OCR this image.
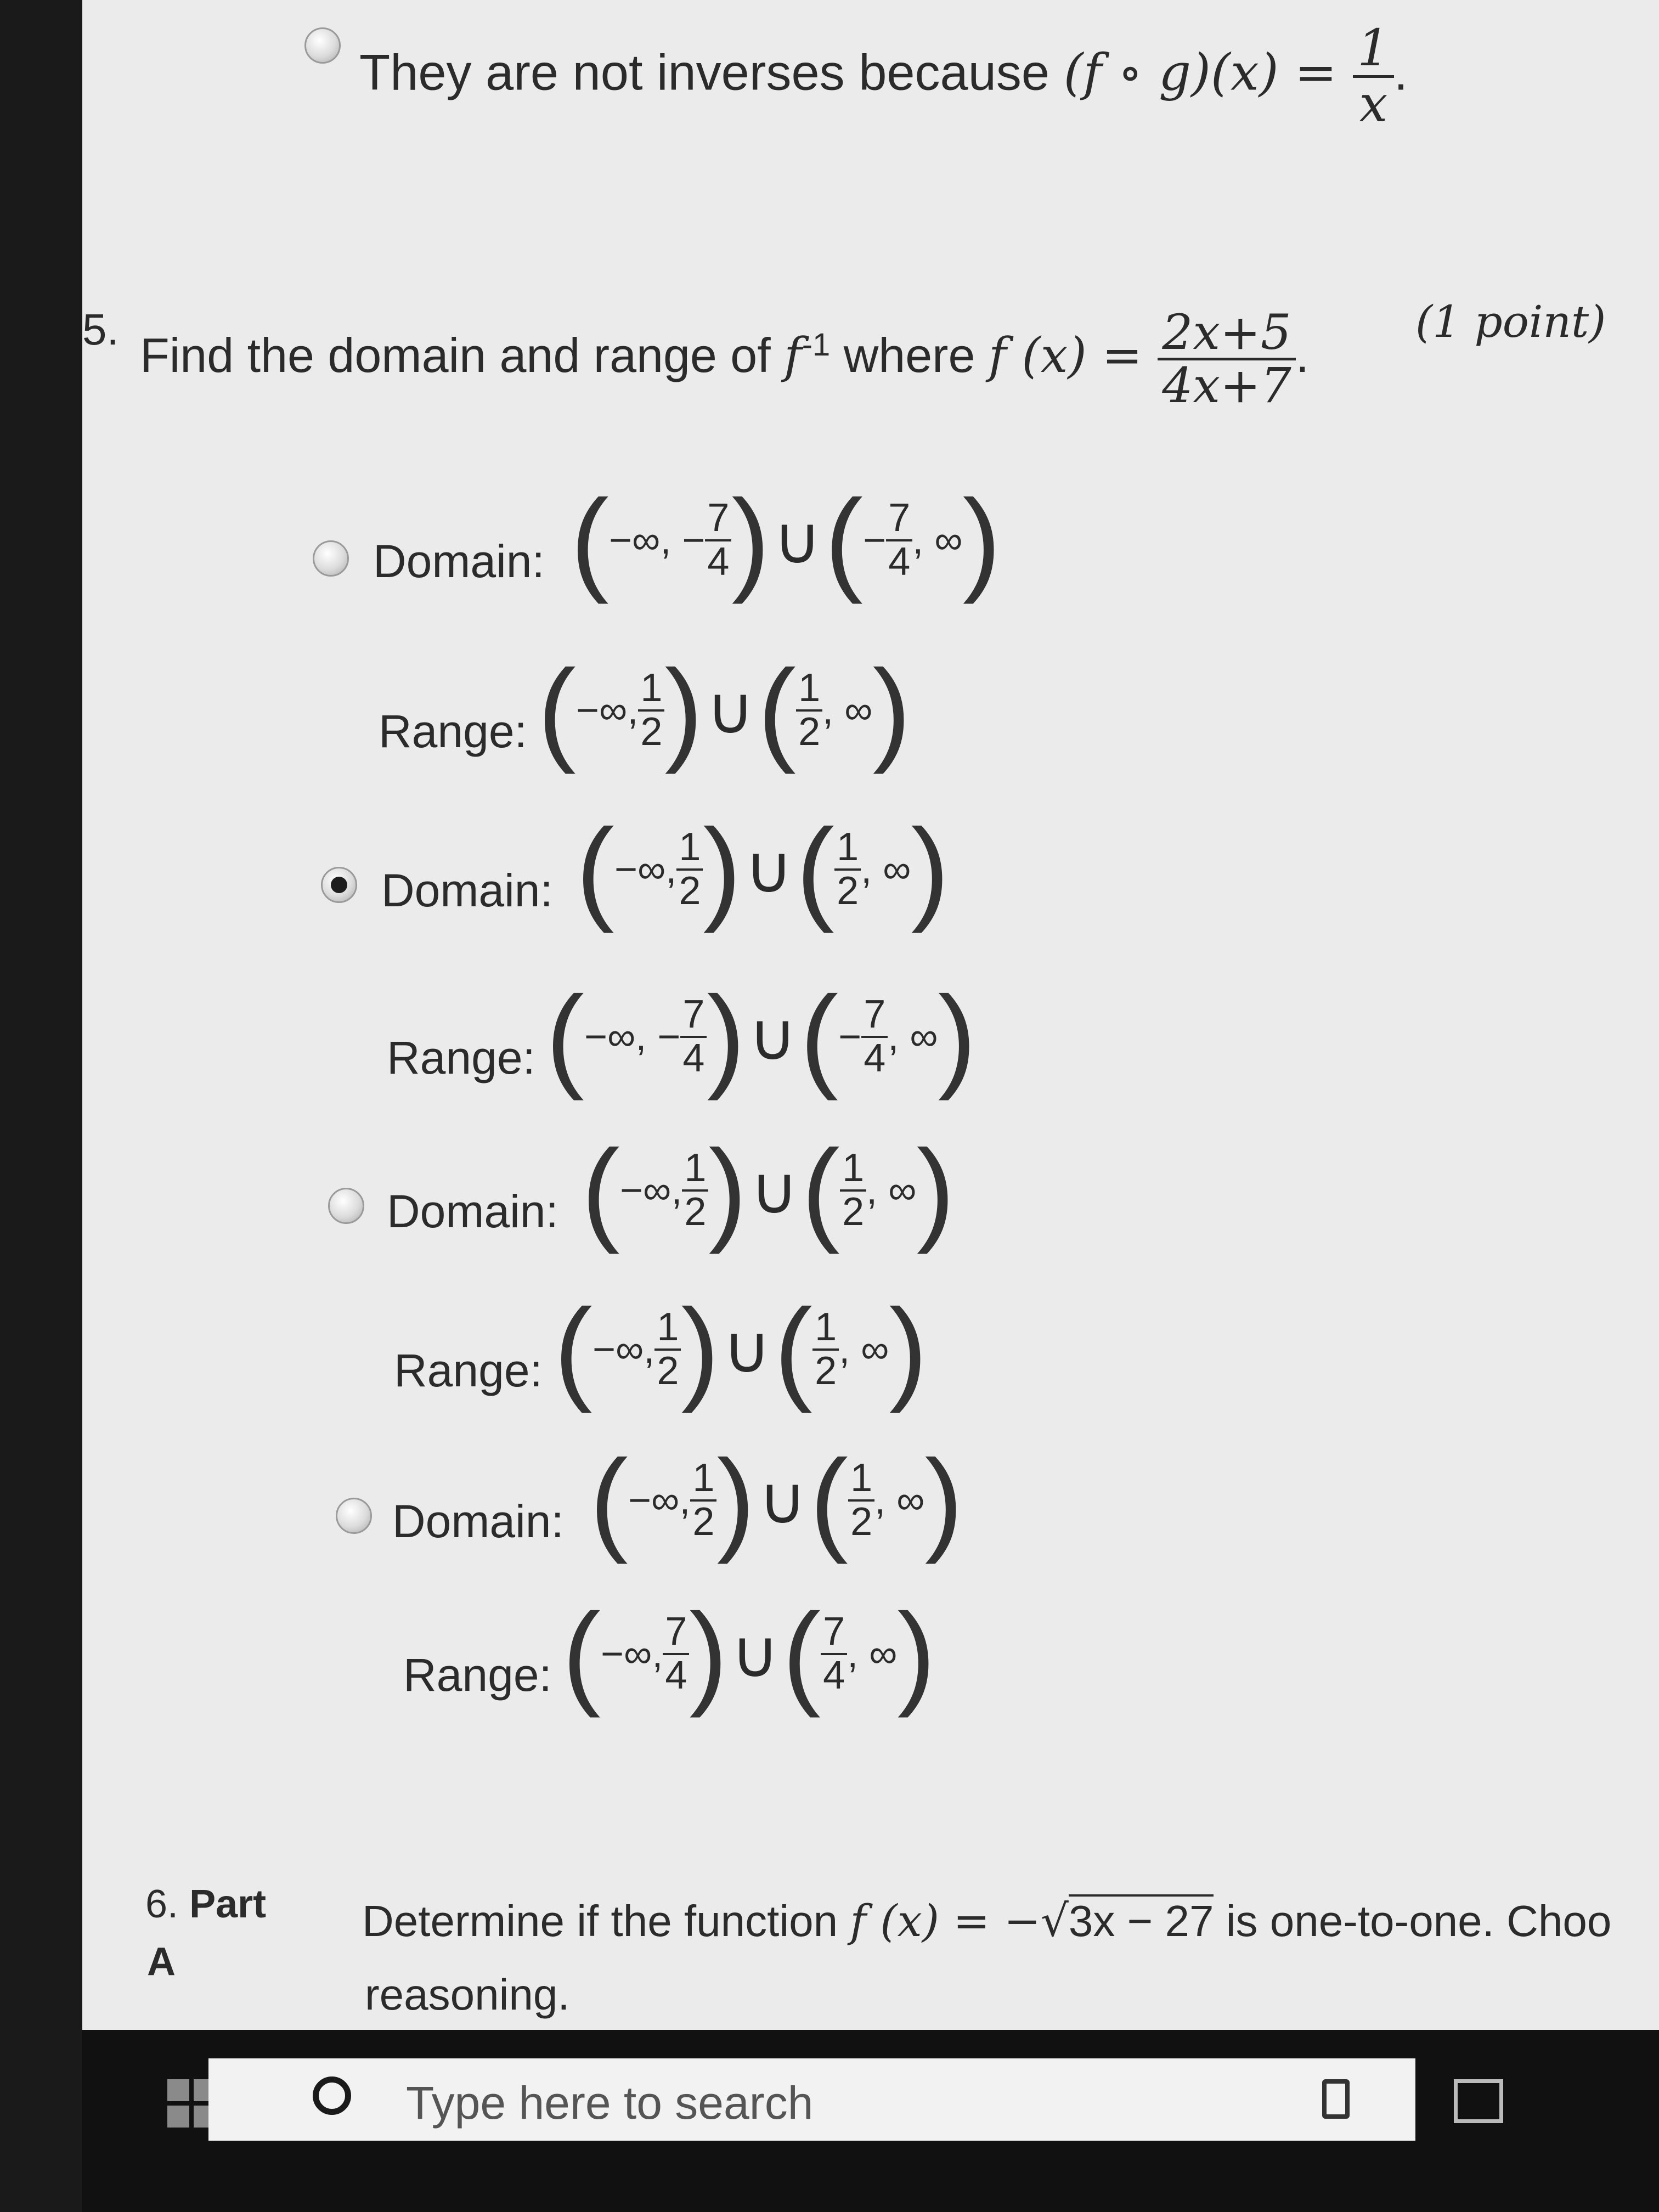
They are not inverses because (f ∘ $g)(x) = \frac{1}{x}$ .
5. Find the domain and range of $f^{-1}$ where f $(x) = \frac{2x+5}{4x+7}$ .
(1 point)
Domain: ( −∞, − $\frac{7}{4}$ ) ∪ ( − $\frac{7}{4}$ , ∞ )
Range: ( −∞, $\frac{1}{2}$ ) ∪ ( $\frac{1}{2}$ , ∞ )
Domain: ( −∞, $\frac{1}{2}$ ) ∪ ( $\frac{1}{2}$ , ∞ )
Range: ( −∞, − $\frac{7}{4}$ ) ∪ ( − $\frac{7}{4}$ , ∞ )
Domain: ( −∞, $\frac{1}{2}$ ) ∪ ( $\frac{1}{2}$ , ∞ )
Range: ( −∞, $\frac{1}{2}$ ) ∪ ( $\frac{1}{2}$ , ∞ )
Domain: ( −∞, $\frac{1}{2}$ ) ∪ ( $\frac{1}{2}$ , ∞ )
Range: ( −∞, $\frac{7}{4}$ ) ∪ ( $\frac{7}{4}$ , ∞ )
6. Part
A
Determine if the function f (x) = −√3x − 27 is one-to-one. Choo
reasoning.
Type here to search
